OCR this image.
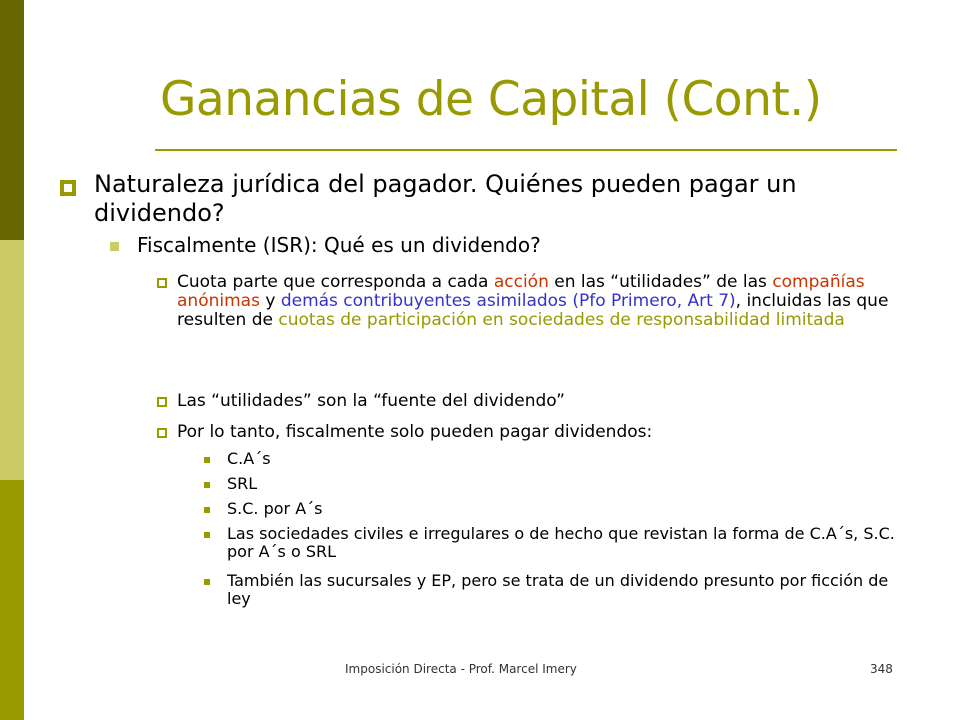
Ganancias de Capital (Cont.)
Naturaleza jurídica del pagador. Quiénes pueden pagar un dividendo?
Fiscalmente (ISR): Qué es un dividendo?
Cuota parte que corresponda a cada acción en las “utilidades” de las compañías anónimas y demás contribuyentes asimilados (Pfo Primero, Art 7), incluidas las que resulten de cuotas de participación en sociedades de responsabilidad limitada
Las “utilidades” son la “fuente del dividendo”
Por lo tanto, fiscalmente solo pueden pagar dividendos:
C.A´s
SRL
S.C. por A´s
Las sociedades civiles e irregulares o de hecho que revistan la forma de C.A´s, S.C. por A´s o SRL
También las sucursales y EP, pero se trata de un dividendo presunto por ficción de ley
Imposición Directa - Prof. Marcel Imery	348
